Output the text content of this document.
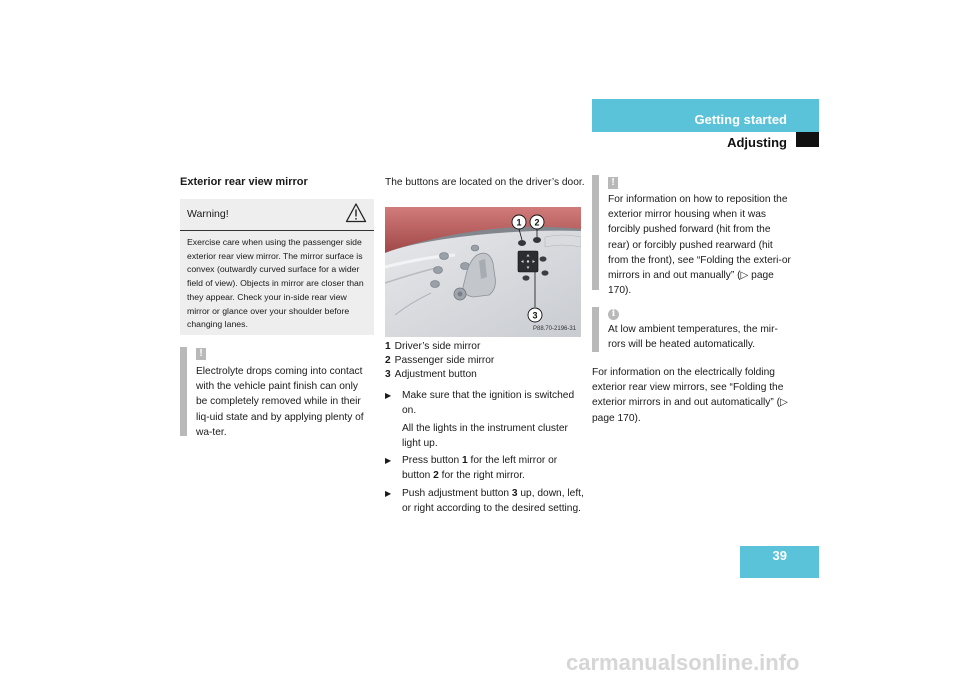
Getting started
Adjusting
Exterior rear view mirror
Warning!
Exercise care when using the passenger side exterior rear view mirror. The mirror surface is convex (outwardly curved surface for a wider field of view). Objects in mirror are closer than they appear. Check your in-side rear view mirror or glance over your shoulder before changing lanes.
!
Electrolyte drops coming into contact with the vehicle paint finish can only be completely removed while in their liq-uid state and by applying plenty of wa-ter.
The buttons are located on the driver’s door.
1 2
3
P88.70-2196-31
1 Driver’s side mirror
2 Passenger side mirror
3 Adjustment button
▶ Make sure that the ignition is switched on.
All the lights in the instrument cluster light up.
▶ Press button 1 for the left mirror or button 2 for the right mirror.
▶ Push adjustment button 3 up, down, left, or right according to the desired setting.
!
For information on how to reposition the exterior mirror housing when it was forcibly pushed forward (hit from the rear) or forcibly pushed rearward (hit from the front), see “Folding the exteri-or mirrors in and out manually” (▷ page 170).
i
At low ambient temperatures, the mir-rors will be heated automatically.
For information on the electrically folding exterior rear view mirrors, see “Folding the exterior mirrors in and out automatically” (▷ page 170).
39
carmanualsonline.info
